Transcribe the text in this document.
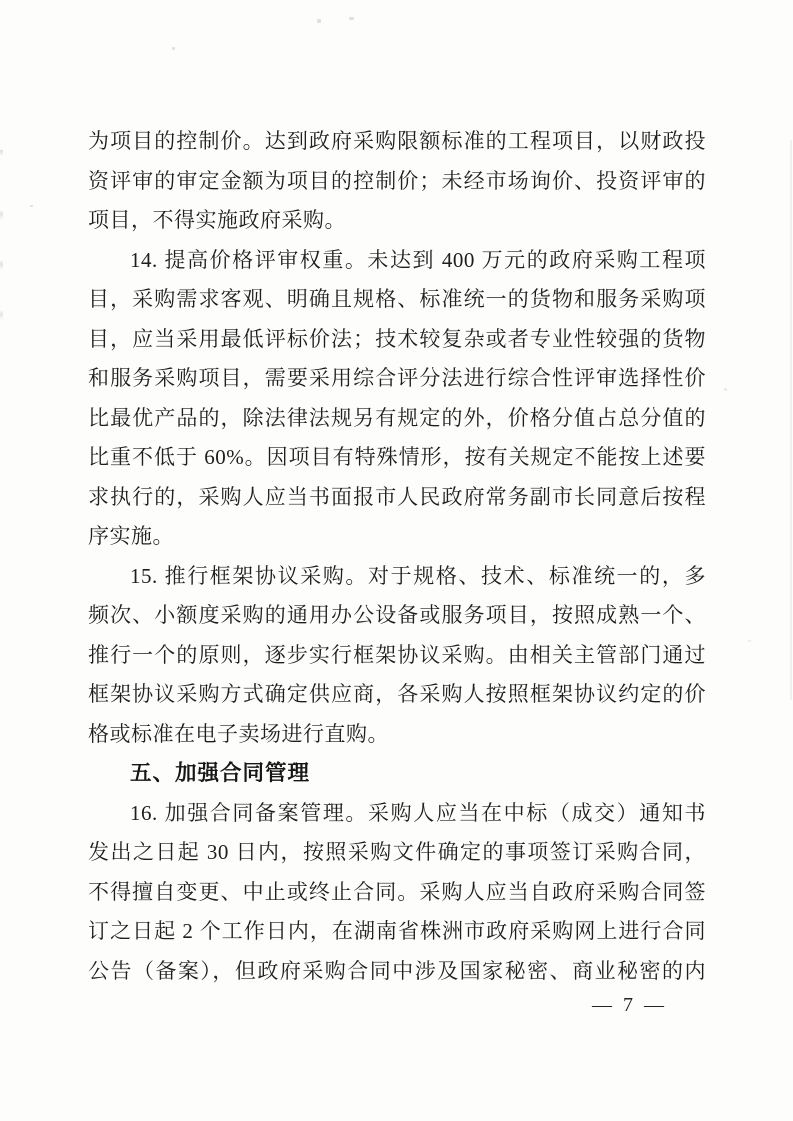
为项目的控制价。达到政府采购限额标准的工程项目，以财政投
资评审的审定金额为项目的控制价；未经市场询价、投资评审的
项目，不得实施政府采购。
14. 提高价格评审权重。未达到 400 万元的政府采购工程项
目，采购需求客观、明确且规格、标准统一的货物和服务采购项
目，应当采用最低评标价法；技术较复杂或者专业性较强的货物
和服务采购项目，需要采用综合评分法进行综合性评审选择性价
比最优产品的，除法律法规另有规定的外，价格分值占总分值的
比重不低于 60%。因项目有特殊情形，按有关规定不能按上述要
求执行的，采购人应当书面报市人民政府常务副市长同意后按程
序实施。
15. 推行框架协议采购。对于规格、技术、标准统一的，多
频次、小额度采购的通用办公设备或服务项目，按照成熟一个、
推行一个的原则，逐步实行框架协议采购。由相关主管部门通过
框架协议采购方式确定供应商，各采购人按照框架协议约定的价
格或标准在电子卖场进行直购。
五、加强合同管理
16. 加强合同备案管理。采购人应当在中标（成交）通知书
发出之日起 30 日内，按照采购文件确定的事项签订采购合同，
不得擅自变更、中止或终止合同。采购人应当自政府采购合同签
订之日起 2 个工作日内，在湖南省株洲市政府采购网上进行合同
公告（备案），但政府采购合同中涉及国家秘密、商业秘密的内
— 7 —
